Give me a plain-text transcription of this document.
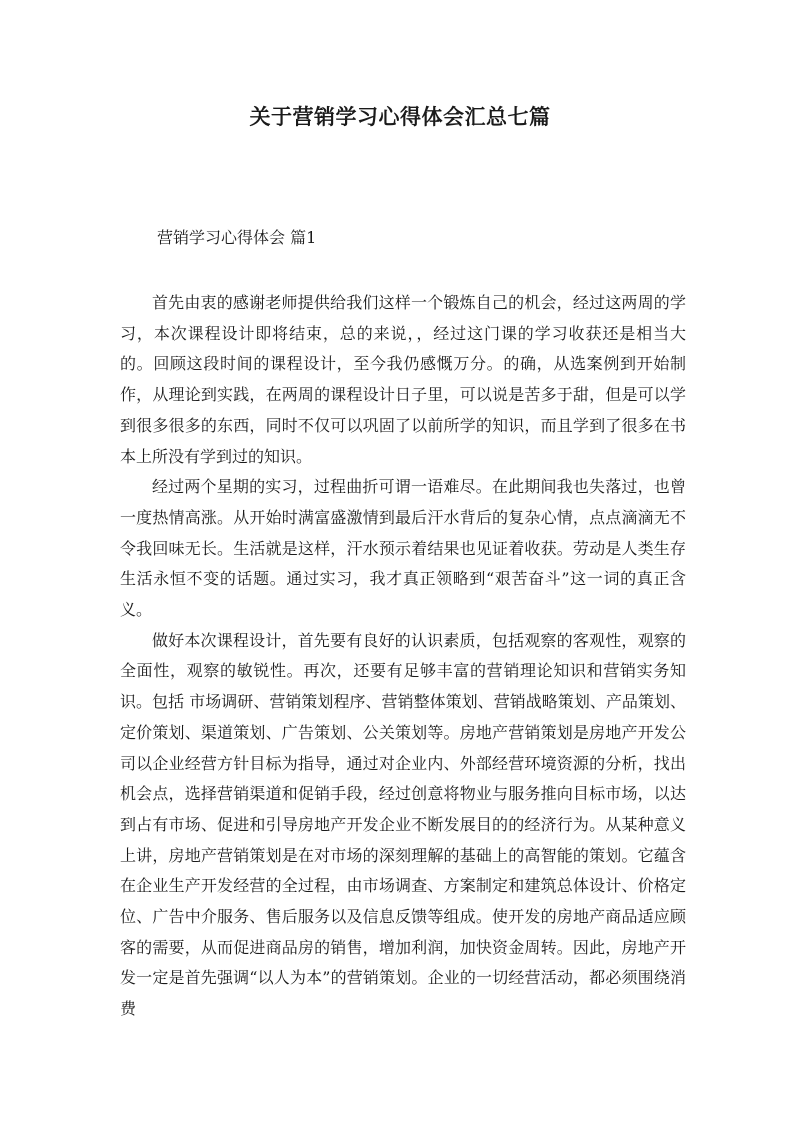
关于营销学习心得体会汇总七篇
营销学习心得体会 篇1

首先由衷的感谢老师提供给我们这样一个锻炼自己的机会，经过这两周的学习，本次课程设计即将结束，总的来说，，经过这门课的学习收获还是相当大的。回顾这段时间的课程设计，至今我仍感慨万分。的确，从选案例到开始制作，从理论到实践，在两周的课程设计日子里，可以说是苦多于甜，但是可以学到很多很多的东西，同时不仅可以巩固了以前所学的知识，而且学到了很多在书本上所没有学到过的知识。

经过两个星期的实习，过程曲折可谓一语难尽。在此期间我也失落过，也曾一度热情高涨。从开始时满富盛激情到最后汗水背后的复杂心情，点点滴滴无不令我回味无长。生活就是这样，汗水预示着结果也见证着收获。劳动是人类生存生活永恒不变的话题。通过实习，我才真正领略到“艰苦奋斗”这一词的真正含义。

做好本次课程设计，首先要有良好的认识素质，包括观察的客观性，观察的全面性，观察的敏锐性。再次，还要有足够丰富的营销理论知识和营销实务知识。包括 市场调研、营销策划程序、营销整体策划、营销战略策划、产品策划、定价策划、渠道策划、广告策划、公关策划等。房地产营销策划是房地产开发公司以企业经营方针目标为指导，通过对企业内、外部经营环境资源的分析，找出机会点，选择营销渠道和促销手段，经过创意将物业与服务推向目标市场，以达到占有市场、促进和引导房地产开发企业不断发展目的的经济行为。从某种意义上讲，房地产营销策划是在对市场的深刻理解的基础上的高智能的策划。它蕴含在企业生产开发经营的全过程，由市场调查、方案制定和建筑总体设计、价格定位、广告中介服务、售后服务以及信息反馈等组成。使开发的房地产商品适应顾客的需要，从而促进商品房的销售，增加利润，加快资金周转。因此，房地产开发一定是首先强调“以人为本”的营销策划。企业的一切经营活动，都必须围绕消费
